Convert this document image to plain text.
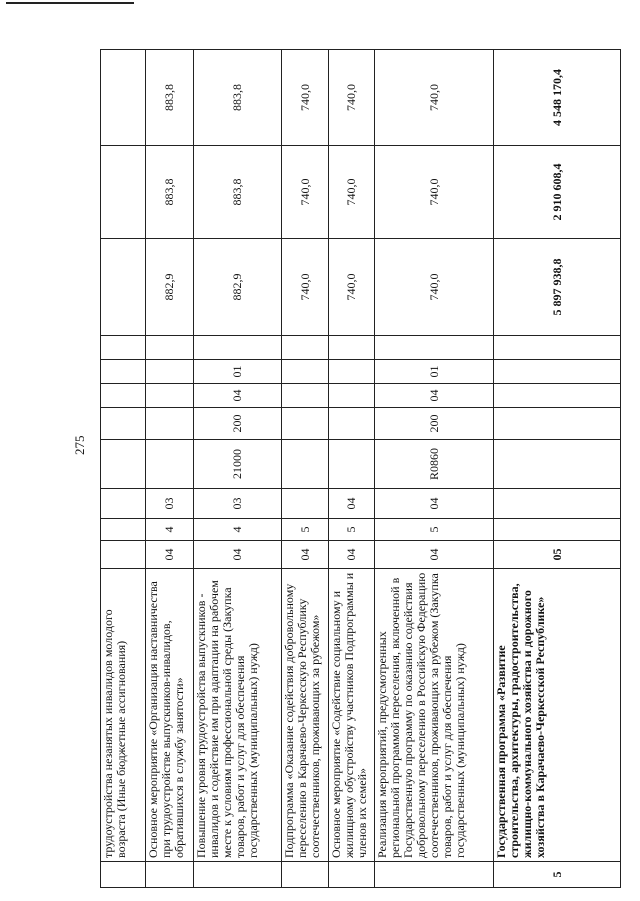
275
	трудоустройства незанятых инвалидов молодого возраста (Иные бюджетные ассигнования)											
	Основное мероприятие «Организация наставничества при трудоустройстве выпускников-инвалидов, обратившихся в службу занятости»	04	4	03						882,9	883,8	883,8
	Повышение уровня трудоустройства выпускников - инвалидов и содействие им при адаптации на рабочем месте к условиям профессиональной среды (Закупка товаров, работ и услуг для обеспечения государственных (муниципальных) нужд)	04	4	03	21000	200	04	01		882,9	883,8	883,8
	Подпрограмма «Оказание содействия добровольному переселению в Карачаево-Черкесскую Республику соотечественников, проживающих за рубежом»	04	5							740,0	740,0	740,0
	Основное мероприятие «Содействие социальному и жилищному обустройству участников Подпрограммы и членов их семей»	04	5	04						740,0	740,0	740,0
	Реализация мероприятий, предусмотренных региональной программой переселения, включенной в Государственную программу по оказанию содействия добровольному переселению в Российскую Федерацию соотечественников, проживающих за рубежом (Закупка товаров, работ и услуг для обеспечения государственных (муниципальных) нужд)	04	5	04	R0860	200	04	01		740,0	740,0	740,0
5	Государственная программа «Развитие строительства, архитектуры, градостроительства, жилищно-коммунального хозяйства и дорожного хозяйства в Карачаево-Черкесской Республике»	05								5 897 938,8	2 910 608,4	4 548 170,4
